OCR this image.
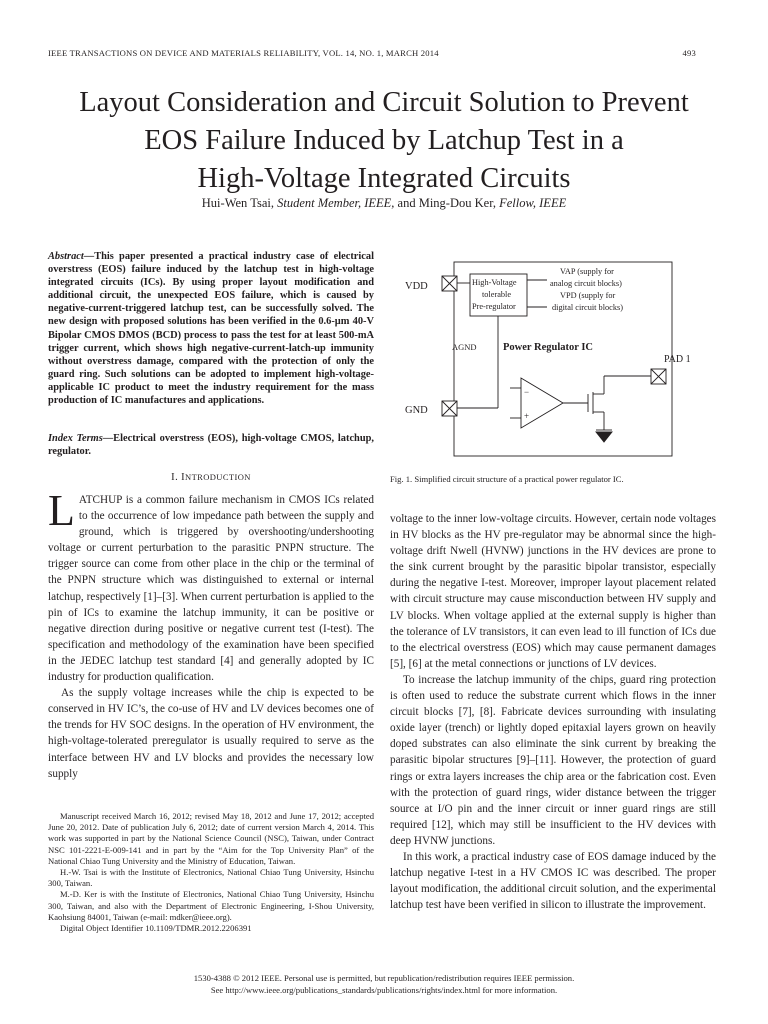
IEEE TRANSACTIONS ON DEVICE AND MATERIALS RELIABILITY, VOL. 14, NO. 1, MARCH 2014	493
Layout Consideration and Circuit Solution to Prevent
EOS Failure Induced by Latchup Test in a
High-Voltage Integrated Circuits
Hui-Wen Tsai, Student Member, IEEE, and Ming-Dou Ker, Fellow, IEEE
Abstract—This paper presented a practical industry case of electrical overstress (EOS) failure induced by the latchup test in high-voltage integrated circuits (ICs). By using proper layout modification and additional circuit, the unexpected EOS failure, which is caused by negative-current-triggered latchup test, can be successfully solved. The new design with proposed solutions has been verified in the 0.6-µm 40-V Bipolar CMOS DMOS (BCD) process to pass the test for at least 500-mA trigger current, which shows high negative-current-latch-up immunity without overstress damage, compared with the protection of only the guard ring. Such solutions can be adopted to implement high-voltage-applicable IC product to meet the industry requirement for the mass production of IC manufactures and applications.
Index Terms—Electrical overstress (EOS), high-voltage CMOS, latchup, regulator.
I. INTRODUCTION

LATCHUP is a common failure mechanism in CMOS ICs related to the occurrence of low impedance path between the supply and ground, which is triggered by overshooting/undershooting voltage or current perturbation to the parasitic PNPN structure. The trigger source can come from other place in the chip or the terminal of the PNPN structure which was distinguished to external or internal latchup, respectively [1]–[3]. When current perturbation is applied to the pin of ICs to examine the latchup immunity, it can be positive or negative direction during positive or negative current test (I-test). The specification and methodology of the examination have been specified in the JEDEC latchup test standard [4] and generally adopted by IC industry for production qualification.

As the supply voltage increases while the chip is expected to be conserved in HV IC’s, the co-use of HV and LV devices becomes one of the trends for HV SOC designs. In the operation of HV environment, the high-voltage-tolerated preregulator is usually required to serve as the interface between HV and LV blocks and provides the necessary low supply

Manuscript received March 16, 2012; revised May 18, 2012 and June 17, 2012; accepted June 20, 2012. Date of publication July 6, 2012; date of current version March 4, 2014. This work was supported in part by the National Science Council (NSC), Taiwan, under Contract NSC 101-2221-E-009-141 and in part by the “Aim for the Top University Plan” of the National Chiao Tung University and the Ministry of Education, Taiwan.

H.-W. Tsai is with the Institute of Electronics, National Chiao Tung University, Hsinchu 300, Taiwan.

M.-D. Ker is with the Institute of Electronics, National Chiao Tung University, Hsinchu 300, Taiwan, and also with the Department of Electronic Engineering, I-Shou University, Kaohsiung 84001, Taiwan (e-mail: mdker@ieee.org).

Digital Object Identifier 10.1109/TDMR.2012.2206391

VDD
GND
PAD 1
High-Voltage
tolerable
Pre-regulator
VAP (supply for
analog circuit blocks)
VPD (supply for
digital circuit blocks)
AGND	Power Regulator IC
−
+
Fig. 1. Simplified circuit structure of a practical power regulator IC.

voltage to the inner low-voltage circuits. However, certain node voltages in HV blocks as the HV pre-regulator may be abnormal since the high-voltage drift Nwell (HVNW) junctions in the HV devices are prone to the sink current brought by the parasitic bipolar transistor, especially during the negative I-test. Moreover, improper layout placement related with circuit structure may cause misconduction between HV supply and LV blocks. When voltage applied at the external supply is higher than the tolerance of LV transistors, it can even lead to ill function of ICs due to the electrical overstress (EOS) which may cause permanent damages [5], [6] at the metal connections or junctions of LV devices.

To increase the latchup immunity of the chips, guard ring protection is often used to reduce the substrate current which flows in the inner circuit blocks [7], [8]. Fabricate devices surrounding with insulating oxide layer (trench) or lightly doped epitaxial layers grown on heavily doped substrates can also eliminate the sink current by breaking the parasitic bipolar structures [9]–[11]. However, the protection of guard rings or extra layers increases the chip area or the fabrication cost. Even with the protection of guard rings, wider distance between the trigger source at I/O pin and the inner circuit or inner guard rings are still required [12], which may still be insufficient to the HV devices with deep HVNW junctions.

In this work, a practical industry case of EOS damage induced by the latchup negative I-test in a HV CMOS IC was described. The proper layout modification, the additional circuit solution, and the experimental latchup test have been verified in silicon to illustrate the improvement.

1530-4388 © 2012 IEEE. Personal use is permitted, but republication/redistribution requires IEEE permission.
See http://www.ieee.org/publications_standards/publications/rights/index.html for more information.
